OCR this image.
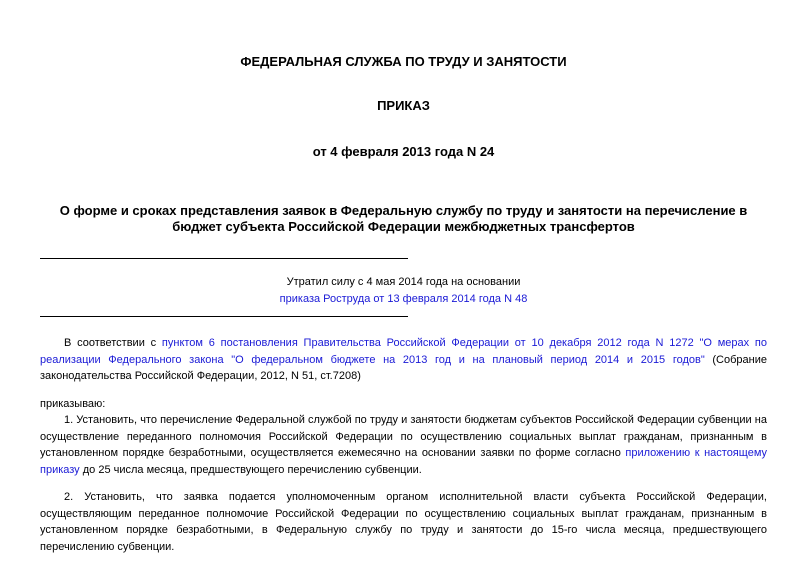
ФЕДЕРАЛЬНАЯ СЛУЖБА ПО ТРУДУ И ЗАНЯТОСТИ
ПРИКАЗ
от 4 февраля 2013 года N 24
О форме и сроках представления заявок в Федеральную службу по труду и занятости на перечисление в бюджет субъекта Российской Федерации межбюджетных трансфертов
Утратил силу с 4 мая 2014 года на основании
приказа Роструда от 13 февраля 2014 года N 48
В соответствии с пунктом 6 постановления Правительства Российской Федерации от 10 декабря 2012 года N 1272 "О мерах по реализации Федерального закона "О федеральном бюджете на 2013 год и на плановый период 2014 и 2015 годов" (Собрание законодательства Российской Федерации, 2012, N 51, ст.7208)
приказываю:
1. Установить, что перечисление Федеральной службой по труду и занятости бюджетам субъектов Российской Федерации субвенции на осуществление переданного полномочия Российской Федерации по осуществлению социальных выплат гражданам, признанным в установленном порядке безработными, осуществляется ежемесячно на основании заявки по форме согласно приложению к настоящему приказу до 25 числа месяца, предшествующего перечислению субвенции.
2. Установить, что заявка подается уполномоченным органом исполнительной власти субъекта Российской Федерации, осуществляющим переданное полномочие Российской Федерации по осуществлению социальных выплат гражданам, признанным в установленном порядке безработными, в Федеральную службу по труду и занятости до 15-го числа месяца, предшествующего перечислению субвенции.
